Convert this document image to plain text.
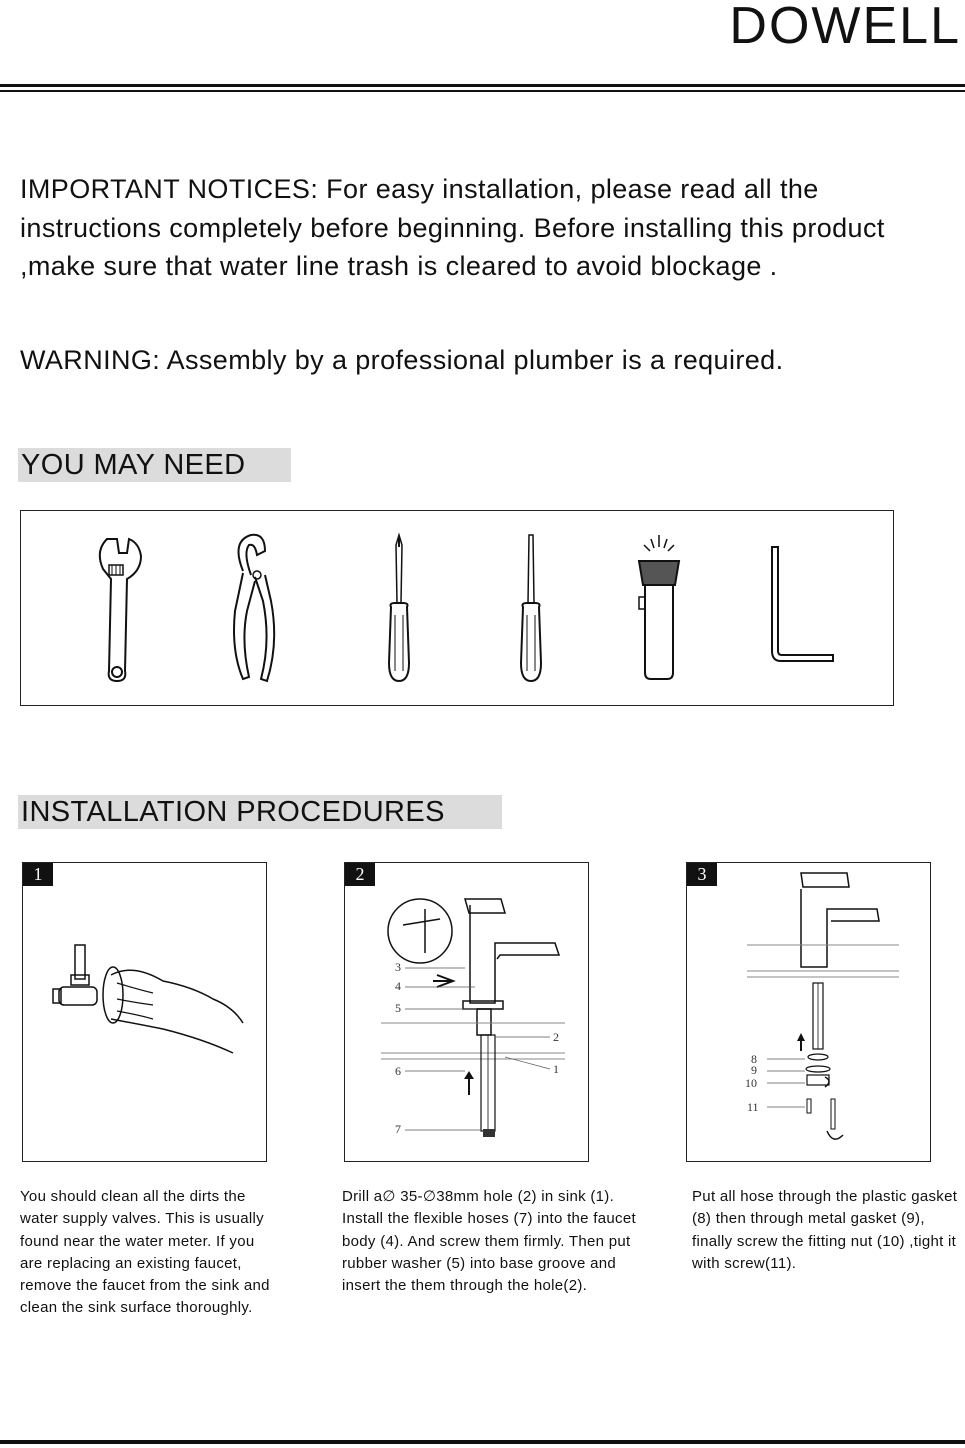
DOWELL
IMPORTANT NOTICES: For easy installation, please read all the instructions completely before beginning. Before installing this product ,make sure that water line trash is cleared to avoid blockage .
WARNING: Assembly by a professional plumber is a required.
YOU MAY NEED
INSTALLATION PROCEDURES
1
You should clean all the dirts the water supply valves. This is usually found near the water meter. If you are replacing an existing faucet, remove the faucet from the sink and clean the sink surface thoroughly.
2
3
4
5
2
6	1
7
Drill a∅ 35-∅38mm hole (2) in sink (1). Install the flexible hoses (7) into the faucet body (4). And screw them firmly. Then put rubber washer (5) into base groove and insert the them through the hole(2).
3
8
9
10
11
Put all hose through the plastic gasket (8) then through metal gasket (9), finally screw the fitting nut (10) ,tight it with screw(11).
